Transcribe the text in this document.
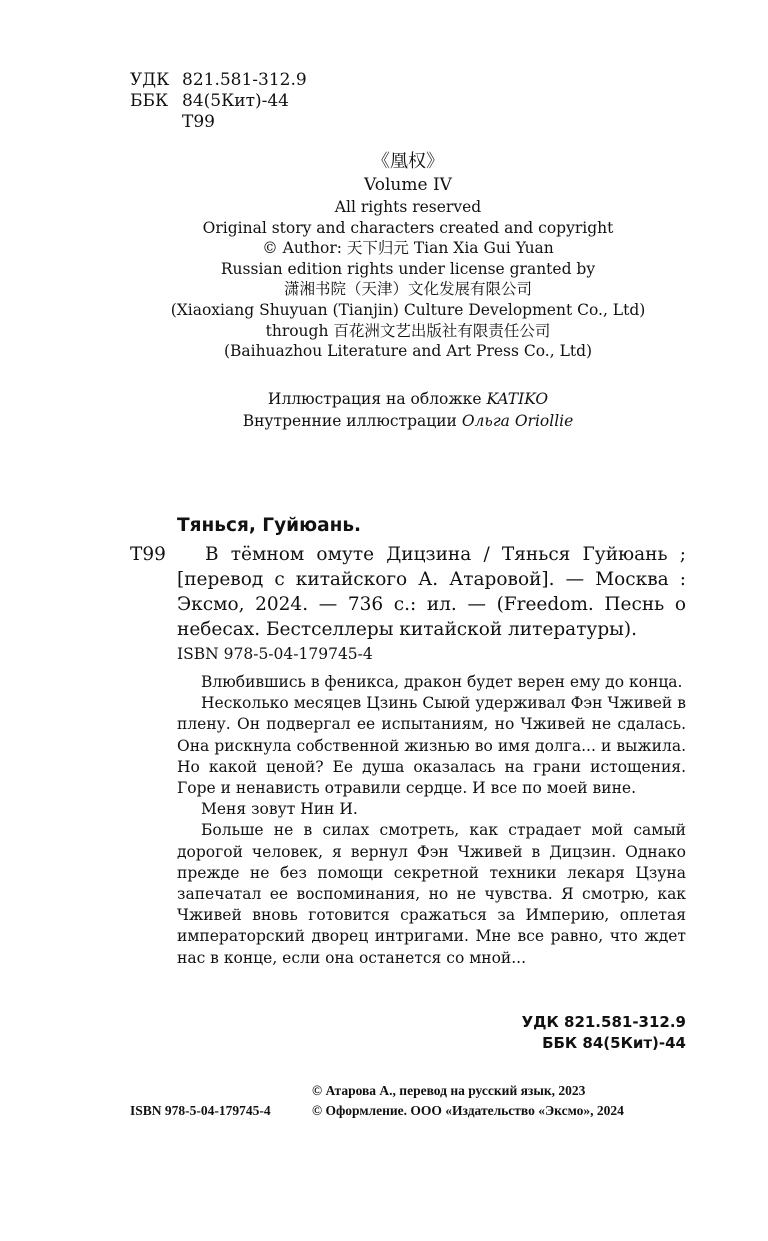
УДК 821.581-312.9
ББК 84(5Кит)-44
Т99
《凰权》
Volume IV
All rights reserved
Original story and characters created and copyright
© Author: 天下归元 Tian Xia Gui Yuan
Russian edition rights under license granted by
潇湘书院（天津）文化发展有限公司
(Xiaoxiang Shuyuan (Tianjin) Culture Development Co., Ltd)
through 百花洲文艺出版社有限责任公司
(Baihuazhou Literature and Art Press Co., Ltd)
Иллюстрация на обложке KATIKO
Внутренние иллюстрации Ольга Oriollie
Тянься, Гуйюань.
Т99	В тёмном омуте Дицзина / Тянься Гуйюань ; [перевод с китайского А. Атаровой]. — Москва : Эксмо, 2024. — 736 с.: ил. — (Freedom. Песнь о небесах. Бестселлеры китайской литературы).
ISBN 978-5-04-179745-4

Влюбившись в феникса, дракон будет верен ему до конца.

Несколько месяцев Цзинь Сыюй удерживал Фэн Чживей в плену. Он подвергал ее испытаниям, но Чживей не сдалась. Она рискнула собственной жизнью во имя долга... и выжила. Но какой ценой? Ее душа оказалась на грани истощения. Горе и ненависть отравили сердце. И все по моей вине.

Меня зовут Нин И.

Больше не в силах смотреть, как страдает мой самый дорогой человек, я вернул Фэн Чживей в Дицзин. Однако прежде не без помощи секретной техники лекаря Цзуна запечатал ее воспоминания, но не чувства. Я смотрю, как Чживей вновь готовится сражаться за Империю, оплетая императорский дворец интригами. Мне все равно, что ждет нас в конце, если она останется со мной...

УДК 821.581-312.9
ББК 84(5Кит)-44
© Атарова А., перевод на русский язык, 2023
© Оформление. ООО «Издательство «Эксмо», 2024
ISBN 978-5-04-179745-4
